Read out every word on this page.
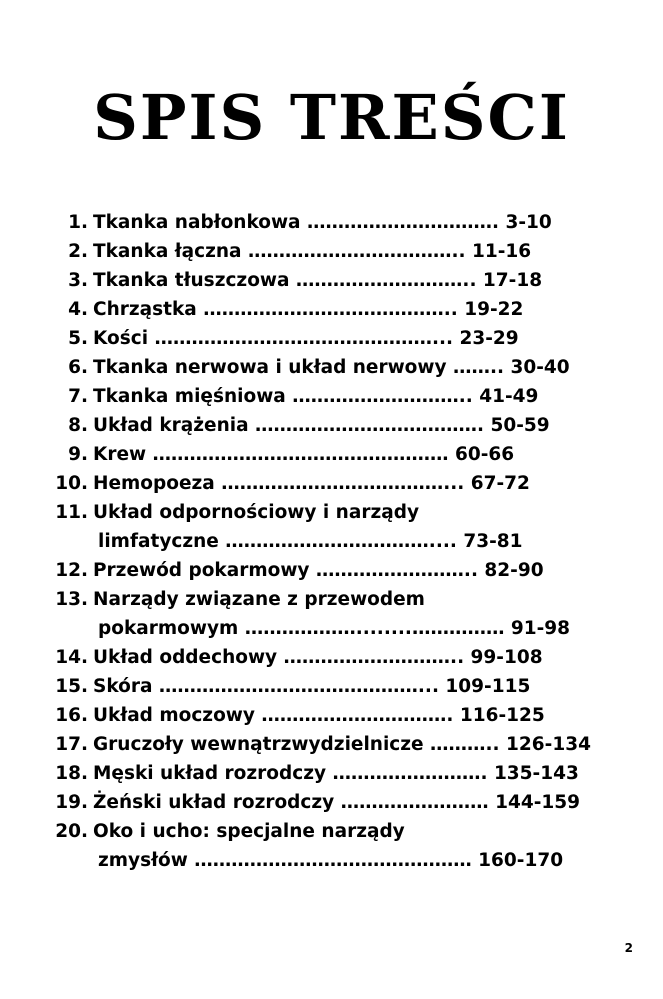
SPIS TREŚCI
1. Tkanka nabłonkowa …………………………. 3-10
2. Tkanka łączna …………………………….. 11-16
3. Tkanka tłuszczowa ……………………….. 17-18
4. Chrząstka ………………………………….. 19-22
5. Kości ………………………………………... 23-29
6. Tkanka nerwowa i układ nerwowy …….. 30-40
7. Tkanka mięśniowa ……………………….. 41-49
8. Układ krążenia ………………………………. 50-59
9. Krew ………………………………………… 60-66
10. Hemopoeza ………………………………... 67-72
11. Układ odpornościowy i narządy
limfatyczne …………………………….... 73-81
12. Przewód pokarmowy …………………….. 82-90
13. Narządy związane z przewodem
pokarmowym ………………........…………… 91-98
14. Układ oddechowy ……………………….. 99-108
15. Skóra ……………………………………... 109-115
16. Układ moczowy …………………………. 116-125
17. Gruczoły wewnątrzwydzielnicze ……….. 126-134
18. Męski układ rozrodczy ……………………. 135-143
19. Żeński układ rozrodczy …………………… 144-159
20. Oko i ucho: specjalne narządy
zmysłów ……………………………………… 160-170
2
